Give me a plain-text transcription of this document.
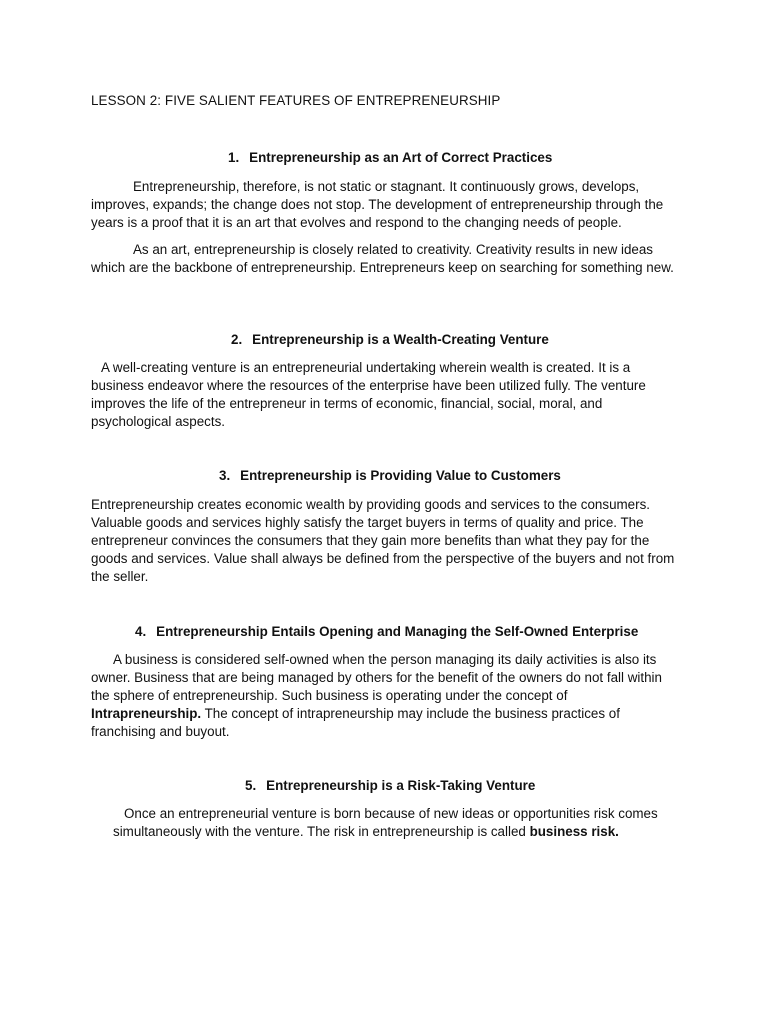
LESSON 2: FIVE SALIENT FEATURES OF ENTREPRENEURSHIP
1. Entrepreneurship as an Art of Correct Practices

Entrepreneurship, therefore, is not static or stagnant. It continuously grows, develops, improves, expands; the change does not stop. The development of entrepreneurship through the years is a proof that it is an art that evolves and respond to the changing needs of people.

As an art, entrepreneurship is closely related to creativity. Creativity results in new ideas which are the backbone of entrepreneurship. Entrepreneurs keep on searching for something new.

2. Entrepreneurship is a Wealth-Creating Venture

A well-creating venture is an entrepreneurial undertaking wherein wealth is created. It is a business endeavor where the resources of the enterprise have been utilized fully. The venture improves the life of the entrepreneur in terms of economic, financial, social, moral, and psychological aspects.

3. Entrepreneurship is Providing Value to Customers

Entrepreneurship creates economic wealth by providing goods and services to the consumers. Valuable goods and services highly satisfy the target buyers in terms of quality and price. The entrepreneur convinces the consumers that they gain more benefits than what they pay for the goods and services. Value shall always be defined from the perspective of the buyers and not from the seller.

4. Entrepreneurship Entails Opening and Managing the Self-Owned Enterprise

A business is considered self-owned when the person managing its daily activities is also its owner. Business that are being managed by others for the benefit of the owners do not fall within the sphere of entrepreneurship. Such business is operating under the concept of Intrapreneurship. The concept of intrapreneurship may include the business practices of franchising and buyout.

5. Entrepreneurship is a Risk-Taking Venture

Once an entrepreneurial venture is born because of new ideas or opportunities risk comes simultaneously with the venture. The risk in entrepreneurship is called business risk.
